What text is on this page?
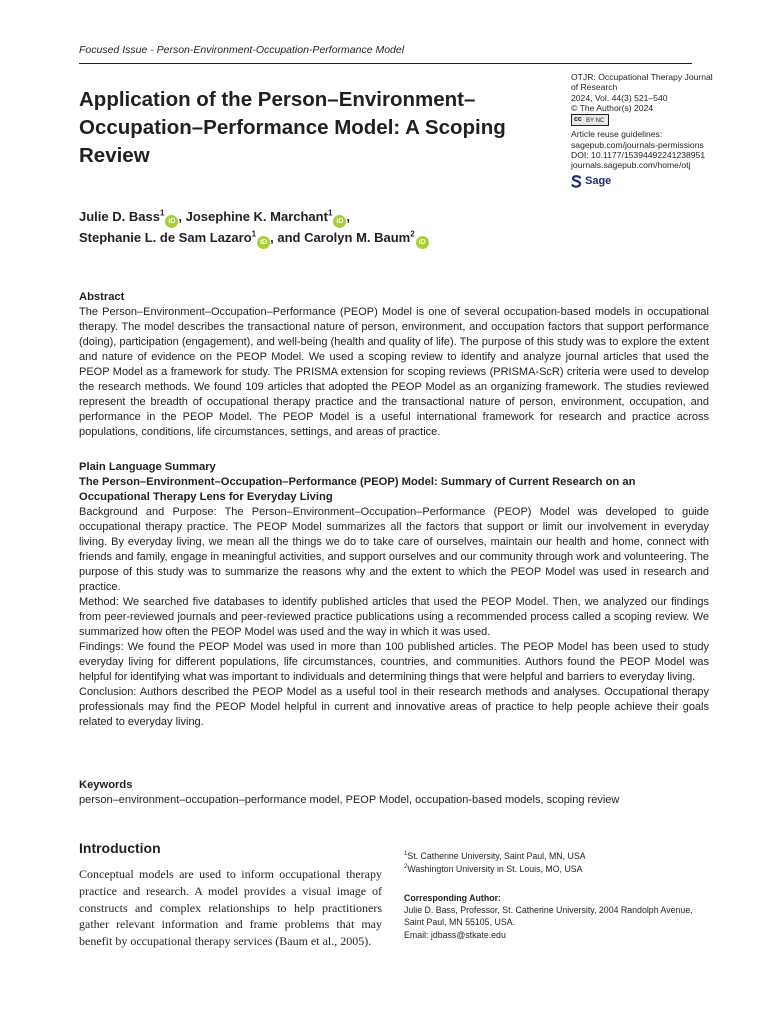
Focused Issue - Person-Environment-Occupation-Performance Model
Application of the Person–Environment–Occupation–Performance Model: A Scoping Review
OTJR: Occupational Therapy Journal
of Research
2024, Vol. 44(3) 521–540
© The Author(s) 2024
cc BY NC
Article reuse guidelines:
sagepub.com/journals-permissions
DOI: 10.1177/15394492241238951
journals.sagepub.com/home/otj
Sage
Julie D. Bass$^1$iD , Josephine K. Marchant$^1$iD ,
Stephanie L. de Sam Lazaro$^1$iD , and Carolyn M. Baum$^2$iD
Abstract
The Person–Environment–Occupation–Performance (PEOP) Model is one of several occupation-based models in occupational therapy. The model describes the transactional nature of person, environment, and occupation factors that support performance (doing), participation (engagement), and well-being (health and quality of life). The purpose of this study was to explore the extent and nature of evidence on the PEOP Model. We used a scoping review to identify and analyze journal articles that used the PEOP Model as a framework for study. The PRISMA extension for scoping reviews (PRISMA-ScR) criteria were used to develop the research methods. We found 109 articles that adopted the PEOP Model as an organizing framework. The studies reviewed represent the breadth of occupational therapy practice and the transactional nature of person, environment, occupation, and performance in the PEOP Model. The PEOP Model is a useful international framework for research and practice across populations, conditions, life circumstances, settings, and areas of practice.
Plain Language Summary
The Person–Environment–Occupation–Performance (PEOP) Model: Summary of Current Research on an Occupational Therapy Lens for Everyday Living

Background and Purpose: The Person–Environment–Occupation–Performance (PEOP) Model was developed to guide occupational therapy practice. The PEOP Model summarizes all the factors that support or limit our involvement in everyday living. By everyday living, we mean all the things we do to take care of ourselves, maintain our health and home, connect with friends and family, engage in meaningful activities, and support ourselves and our community through work and volunteering. The purpose of this study was to summarize the reasons why and the extent to which the PEOP Model was used in research and practice.

Method: We searched five databases to identify published articles that used the PEOP Model. Then, we analyzed our findings from peer-reviewed journals and peer-reviewed practice publications using a recommended process called a scoping review. We summarized how often the PEOP Model was used and the way in which it was used.

Findings: We found the PEOP Model was used in more than 100 published articles. The PEOP Model has been used to study everyday living for different populations, life circumstances, countries, and communities. Authors found the PEOP Model was helpful for identifying what was important to individuals and determining things that were helpful and barriers to everyday living.

Conclusion: Authors described the PEOP Model as a useful tool in their research methods and analyses. Occupational therapy professionals may find the PEOP Model helpful in current and innovative areas of practice to help people achieve their goals related to everyday living.

Keywords
person–environment–occupation–performance model, PEOP Model, occupation-based models, scoping review
Introduction
Conceptual models are used to inform occupational therapy practice and research. A model provides a visual image of constructs and complex relationships to help practitioners gather relevant information and frame problems that may benefit by occupational therapy services (Baum et al., 2005).
$^1$St. Catherine University, Saint Paul, MN, USA
$^2$Washington University in St. Louis, MO, USA
Corresponding Author:
Julie D. Bass, Professor, St. Catherine University, 2004 Randolph Avenue, Saint Paul, MN 55105, USA.
Email: jdbass@stkate.edu
